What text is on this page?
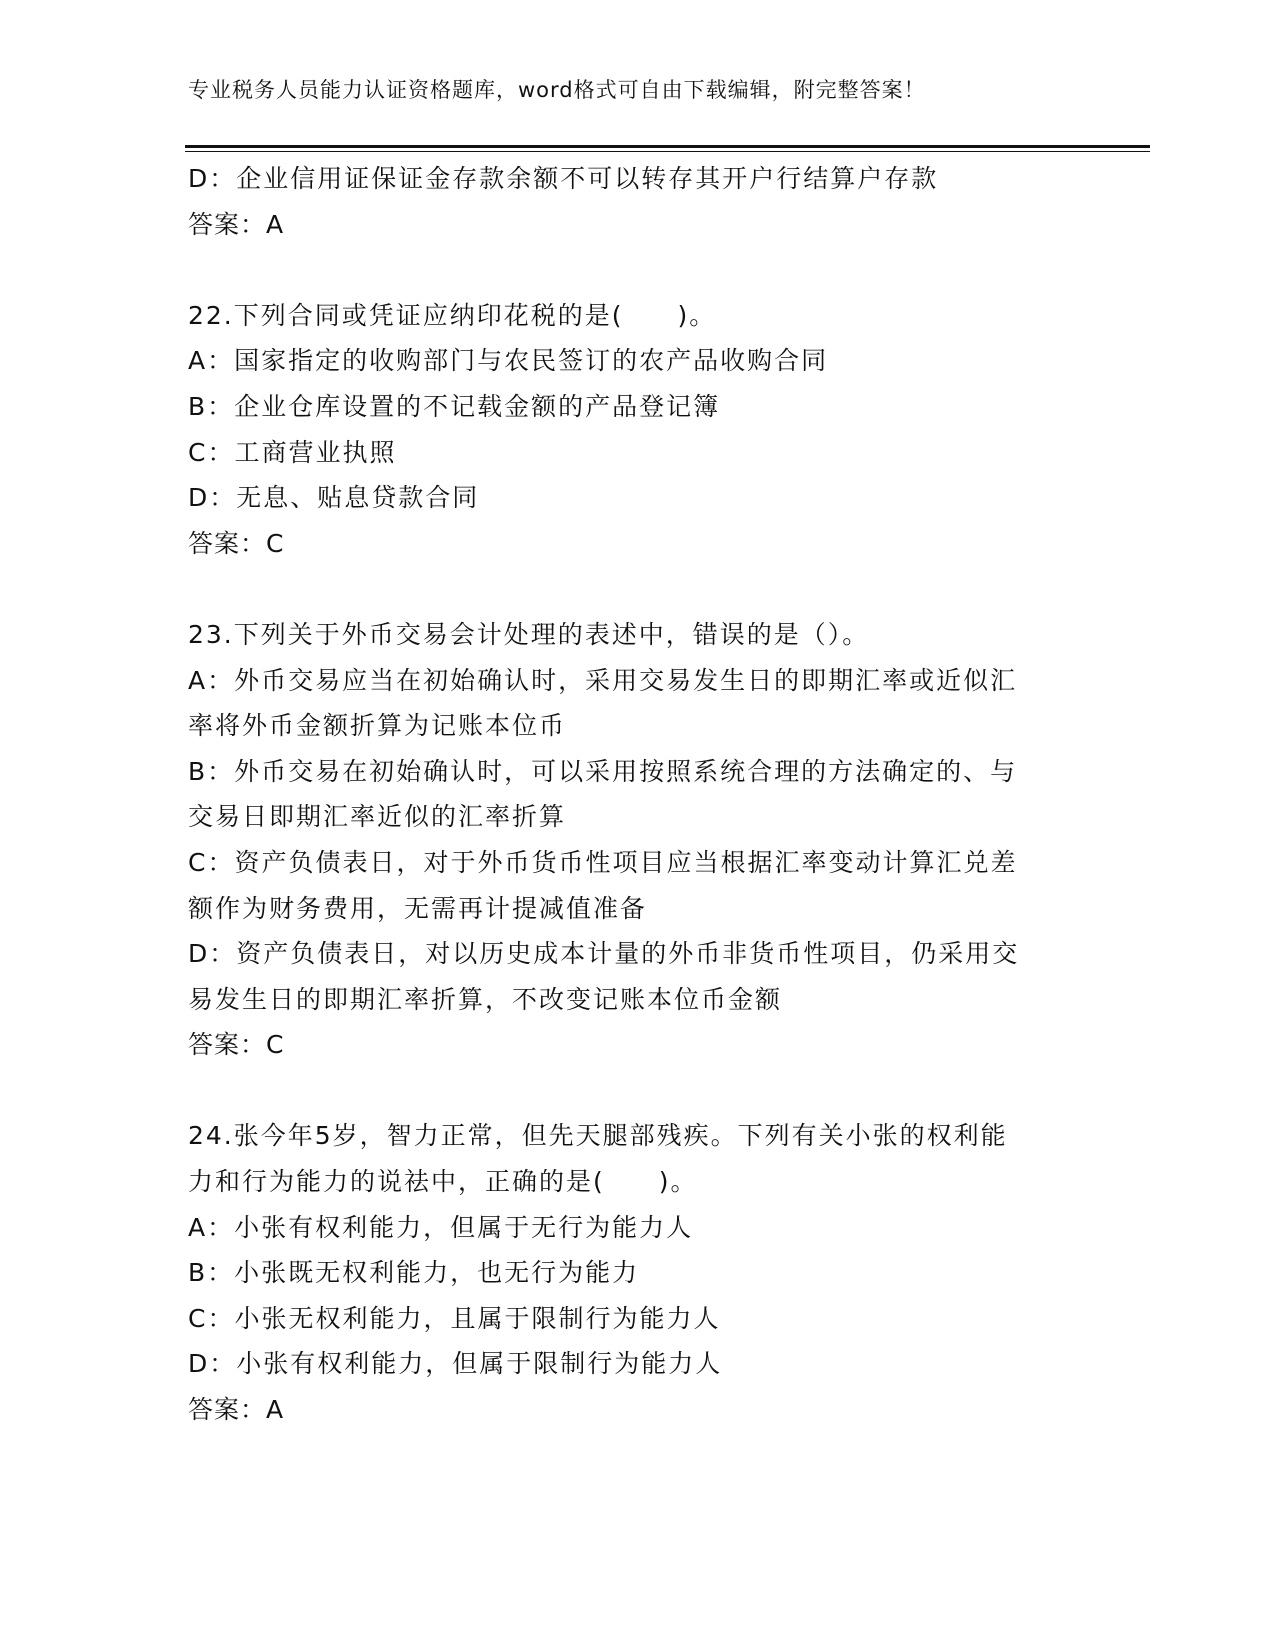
专业税务人员能力认证资格题库，word格式可自由下载编辑，附完整答案！
D：企业信用证保证金存款余额不可以转存其开户行结算户存款
答案：A
22.下列合同或凭证应纳印花税的是(　　)。
A：国家指定的收购部门与农民签订的农产品收购合同
B：企业仓库设置的不记载金额的产品登记簿
C：工商营业执照
D：无息、贴息贷款合同
答案：C
23.下列关于外币交易会计处理的表述中，错误的是（）。
A：外币交易应当在初始确认时，采用交易发生日的即期汇率或近似汇
率将外币金额折算为记账本位币
B：外币交易在初始确认时，可以采用按照系统合理的方法确定的、与
交易日即期汇率近似的汇率折算
C：资产负债表日，对于外币货币性项目应当根据汇率变动计算汇兑差
额作为财务费用，无需再计提减值准备
D：资产负债表日，对以历史成本计量的外币非货币性项目，仍采用交
易发生日的即期汇率折算，不改变记账本位币金额
答案：C
24.张今年5岁，智力正常，但先天腿部残疾。下列有关小张的权利能
力和行为能力的说祛中，正确的是(　　)。
A：小张有权利能力，但属于无行为能力人
B：小张既无权利能力，也无行为能力
C：小张无权利能力，且属于限制行为能力人
D：小张有权利能力，但属于限制行为能力人
答案：A
